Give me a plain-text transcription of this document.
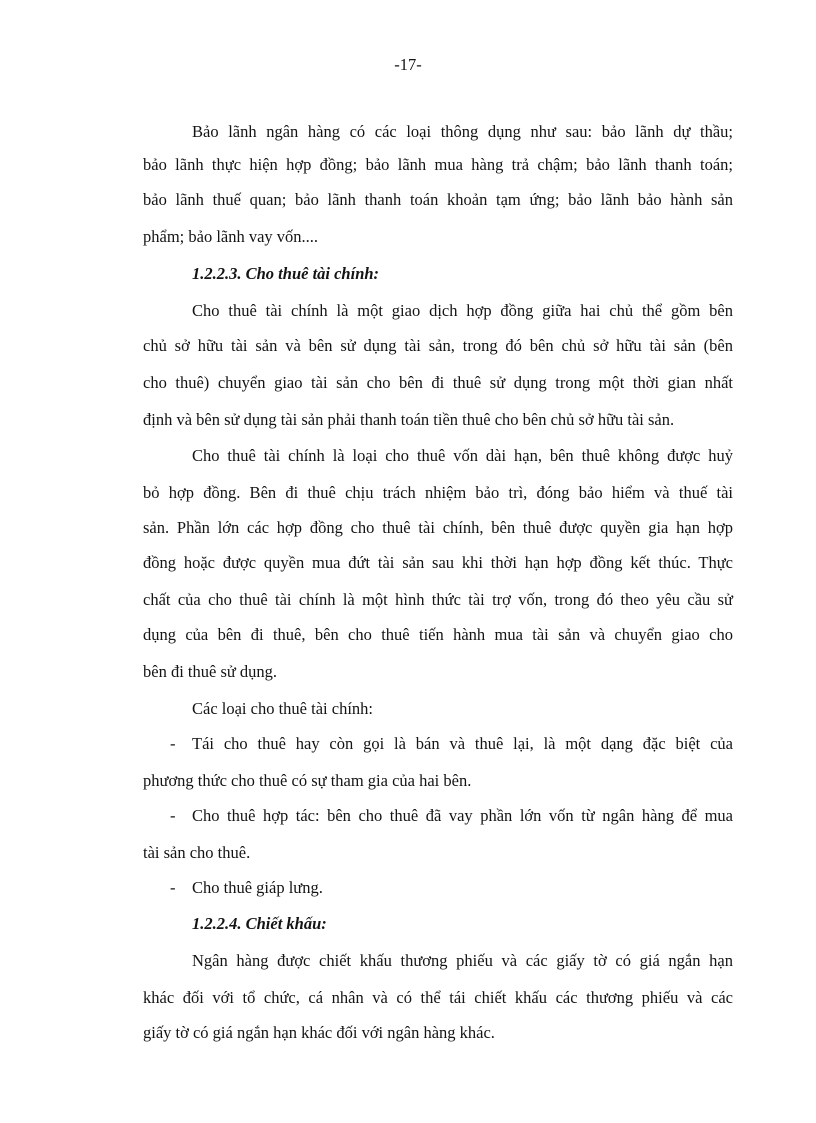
-17-
Bảo lãnh ngân hàng có các loại thông dụng như sau: bảo lãnh dự thầu;
bảo lãnh thực hiện hợp đồng; bảo lãnh mua hàng trả chậm; bảo lãnh thanh toán;
bảo lãnh thuế quan; bảo lãnh thanh toán khoản tạm ứng; bảo lãnh bảo hành sản
phẩm; bảo lãnh vay vốn....
1.2.2.3. Cho thuê tài chính:
Cho thuê tài chính là một giao dịch hợp đồng giữa hai chủ thể gồm bên
chủ sở hữu tài sản và bên sử dụng tài sản, trong đó bên chủ sở hữu tài sản (bên
cho thuê) chuyển giao tài sản cho bên đi thuê sử dụng trong một thời gian nhất
định và bên sử dụng tài sản phải thanh toán tiền thuê cho bên chủ sở hữu tài sản.
Cho thuê tài chính là loại cho thuê vốn dài hạn, bên thuê không được huỷ
bỏ hợp đồng. Bên đi thuê chịu trách nhiệm bảo trì, đóng bảo hiểm và thuế tài
sản. Phần lớn các hợp đồng cho thuê tài chính, bên thuê được quyền gia hạn hợp
đồng hoặc được quyền mua đứt tài sản sau khi thời hạn hợp đồng kết thúc. Thực
chất của cho thuê tài chính là một hình thức tài trợ vốn, trong đó theo yêu cầu sử
dụng của bên đi thuê, bên cho thuê tiến hành mua tài sản và chuyển giao cho
bên đi thuê sử dụng.
Các loại cho thuê tài chính:
- Tái cho thuê hay còn gọi là bán và thuê lại, là một dạng đặc biệt của
phương thức cho thuê có sự tham gia của hai bên.
- Cho thuê hợp tác: bên cho thuê đã vay phần lớn vốn từ ngân hàng để mua
tài sản cho thuê.
- Cho thuê giáp lưng.
1.2.2.4. Chiết khấu:
Ngân hàng được chiết khấu thương phiếu và các giấy tờ có giá ngắn hạn
khác đối với tổ chức, cá nhân và có thể tái chiết khấu các thương phiếu và các
giấy tờ có giá ngắn hạn khác đối với ngân hàng khác.
